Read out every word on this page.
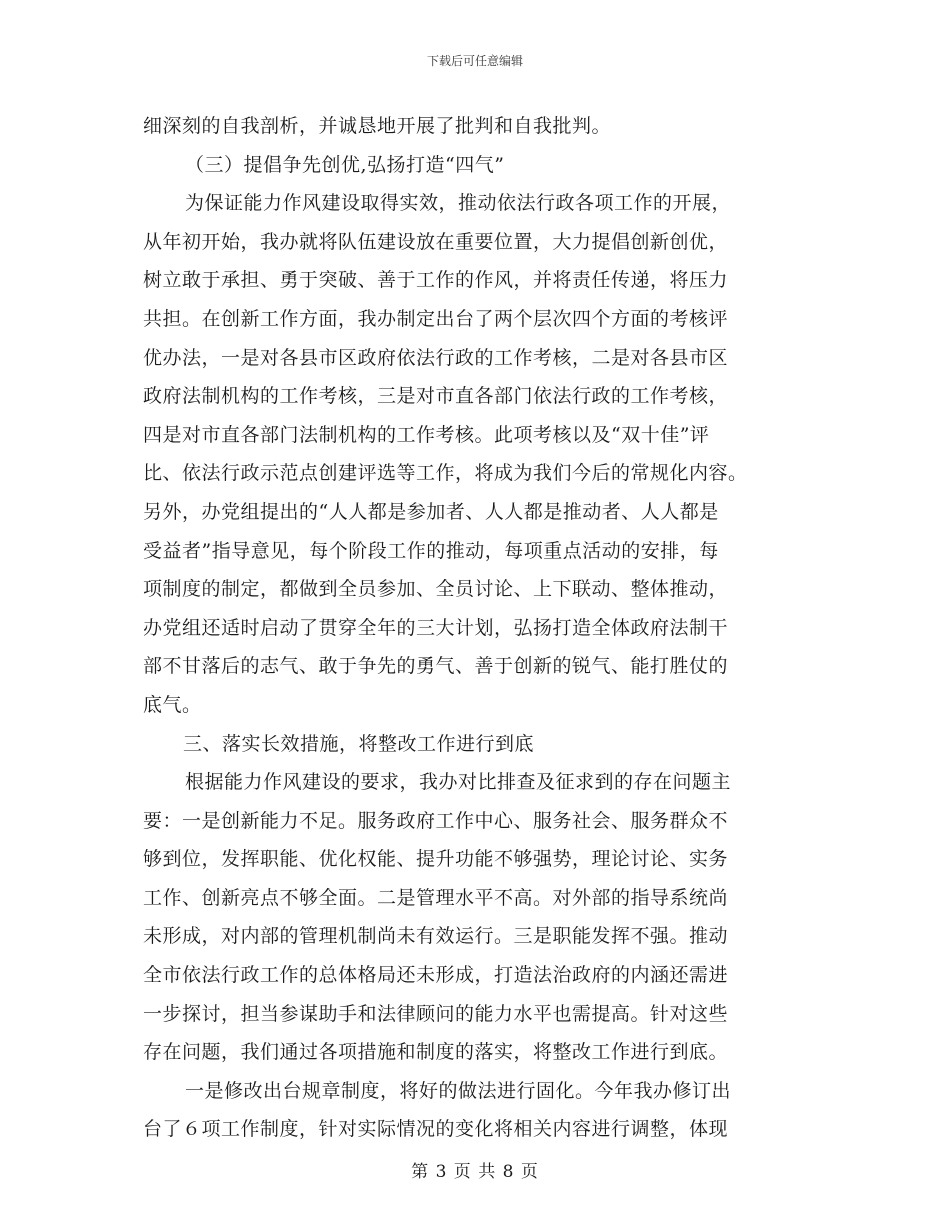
下载后可任意编辑
细深刻的自我剖析，并诚恳地开展了批判和自我批判。
（三）提倡争先创优,弘扬打造“四气”
为保证能力作风建设取得实效，推动依法行政各项工作的开展，
从年初开始，我办就将队伍建设放在重要位置，大力提倡创新创优，
树立敢于承担、勇于突破、善于工作的作风，并将责任传递，将压力
共担。在创新工作方面，我办制定出台了两个层次四个方面的考核评
优办法，一是对各县市区政府依法行政的工作考核，二是对各县市区
政府法制机构的工作考核，三是对市直各部门依法行政的工作考核，
四是对市直各部门法制机构的工作考核。此项考核以及“双十佳”评
比、依法行政示范点创建评选等工作，将成为我们今后的常规化内容。
另外，办党组提出的“人人都是参加者、人人都是推动者、人人都是
受益者”指导意见，每个阶段工作的推动，每项重点活动的安排，每
项制度的制定，都做到全员参加、全员讨论、上下联动、整体推动，
办党组还适时启动了贯穿全年的三大计划，弘扬打造全体政府法制干
部不甘落后的志气、敢于争先的勇气、善于创新的锐气、能打胜仗的
底气。
三、落实长效措施，将整改工作进行到底
根据能力作风建设的要求，我办对比排查及征求到的存在问题主
要：一是创新能力不足。服务政府工作中心、服务社会、服务群众不
够到位，发挥职能、优化权能、提升功能不够强势，理论讨论、实务
工作、创新亮点不够全面。二是管理水平不高。对外部的指导系统尚
未形成，对内部的管理机制尚未有效运行。三是职能发挥不强。推动
全市依法行政工作的总体格局还未形成，打造法治政府的内涵还需进
一步探讨，担当参谋助手和法律顾问的能力水平也需提高。针对这些
存在问题，我们通过各项措施和制度的落实，将整改工作进行到底。
一是修改出台规章制度，将好的做法进行固化。今年我办修订出
台了６项工作制度，针对实际情况的变化将相关内容进行调整，体现
第 3 页 共 8 页
